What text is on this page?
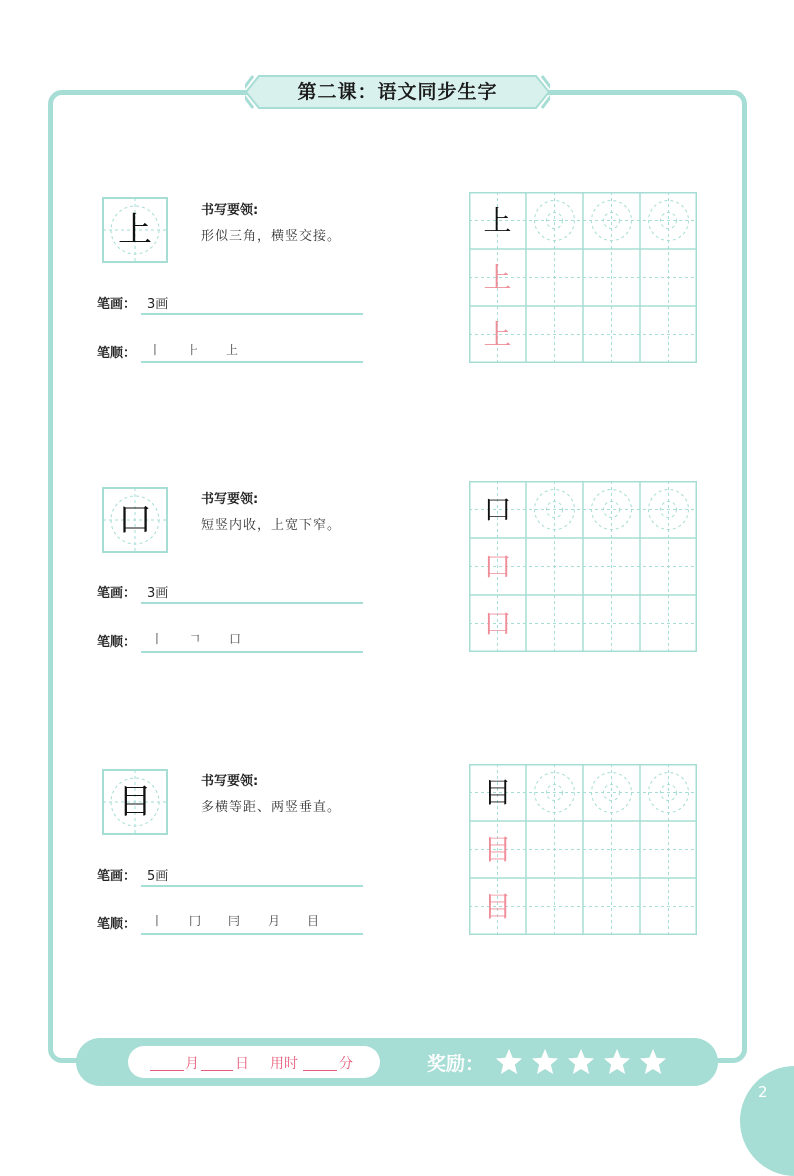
第二课：语文同步生字
上	书写要领:
形似三角，横竖交接。
笔画： 3画
笔顺： 丨 ⺊ 上
上
上
上
口
书写要领:
短竖内收，上宽下窄。
笔画： 3画
笔顺： 丨 𠃍 口
口
口
口
目
书写要领:
多横等距、两竖垂直。
笔画： 5画
笔顺： 丨 冂 冃 月 目
目
目
目
月	日 用时	分	奖励：
2
